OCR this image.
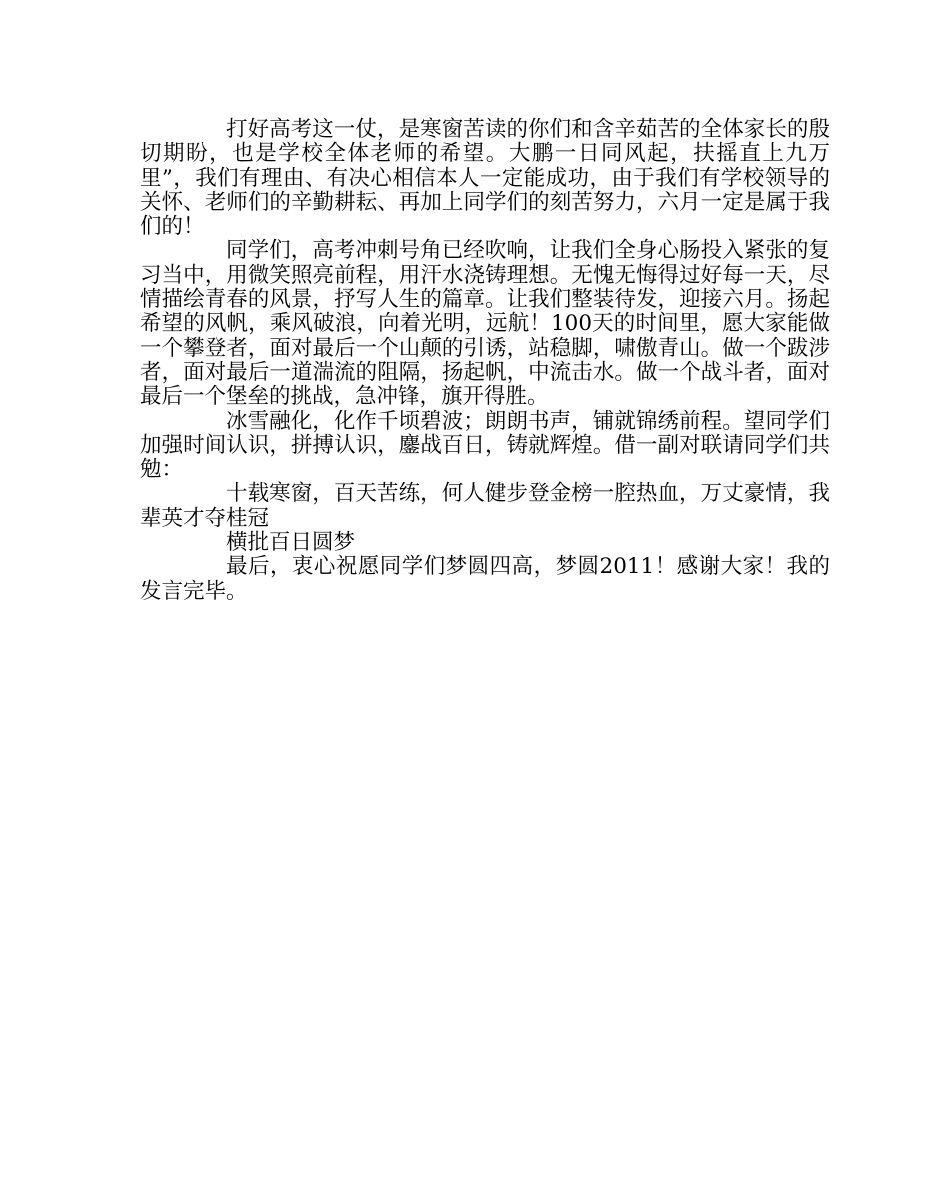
打好高考这一仗，是寒窗苦读的你们和含辛茹苦的全体家长的殷切期盼，也是学校全体老师的希望。大鹏一日同风起，扶摇直上九万里”，我们有理由、有决心相信本人一定能成功，由于我们有学校领导的关怀、老师们的辛勤耕耘、再加上同学们的刻苦努力，六月一定是属于我们的！

同学们，高考冲刺号角已经吹响，让我们全身心肠投入紧张的复习当中，用微笑照亮前程，用汗水浇铸理想。无愧无悔得过好每一天，尽情描绘青春的风景，抒写人生的篇章。让我们整装待发，迎接六月。扬起希望的风帆，乘风破浪，向着光明，远航！100天的时间里，愿大家能做一个攀登者，面对最后一个山颠的引诱，站稳脚，啸傲青山。做一个跋涉者，面对最后一道湍流的阻隔，扬起帆，中流击水。做一个战斗者，面对最后一个堡垒的挑战，急冲锋，旗开得胜。

冰雪融化，化作千顷碧波；朗朗书声，铺就锦绣前程。望同学们加强时间认识，拼搏认识，鏖战百日，铸就辉煌。借一副对联请同学们共勉：

十载寒窗，百天苦练，何人健步登金榜一腔热血，万丈豪情，我辈英才夺桂冠

横批百日圆梦

最后，衷心祝愿同学们梦圆四高，梦圆2011！感谢大家！我的发言完毕。
